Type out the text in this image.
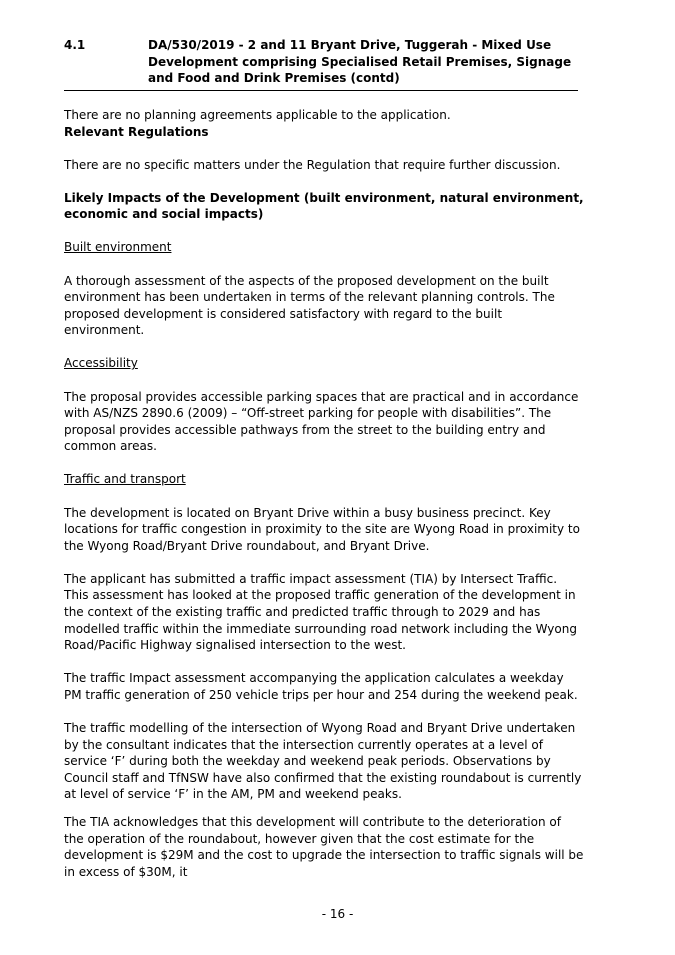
4.1	DA/530/2019 - 2 and 11 Bryant Drive, Tuggerah - Mixed Use Development comprising Specialised Retail Premises, Signage and Food and Drink Premises (contd)

There are no planning agreements applicable to the application.

Relevant Regulations

There are no specific matters under the Regulation that require further discussion.

Likely Impacts of the Development (built environment, natural environment, economic and social impacts)

Built environment

A thorough assessment of the aspects of the proposed development on the built environment has been undertaken in terms of the relevant planning controls. The proposed development is considered satisfactory with regard to the built environment.

Accessibility

The proposal provides accessible parking spaces that are practical and in accordance with AS/NZS 2890.6 (2009) – “Off-street parking for people with disabilities”. The proposal provides accessible pathways from the street to the building entry and common areas.

Traffic and transport

The development is located on Bryant Drive within a busy business precinct. Key locations for traffic congestion in proximity to the site are Wyong Road in proximity to the Wyong Road/Bryant Drive roundabout, and Bryant Drive.

The applicant has submitted a traffic impact assessment (TIA) by Intersect Traffic. This assessment has looked at the proposed traffic generation of the development in the context of the existing traffic and predicted traffic through to 2029 and has modelled traffic within the immediate surrounding road network including the Wyong Road/Pacific Highway signalised intersection to the west.

The traffic Impact assessment accompanying the application calculates a weekday PM traffic generation of 250 vehicle trips per hour and 254 during the weekend peak.

The traffic modelling of the intersection of Wyong Road and Bryant Drive undertaken by the consultant indicates that the intersection currently operates at a level of service ‘F’ during both the weekday and weekend peak periods. Observations by Council staff and TfNSW have also confirmed that the existing roundabout is currently at level of service ‘F’ in the AM, PM and weekend peaks.

The TIA acknowledges that this development will contribute to the deterioration of the operation of the roundabout, however given that the cost estimate for the development is $29M and the cost to upgrade the intersection to traffic signals will be in excess of $30M, it

- 16 -
